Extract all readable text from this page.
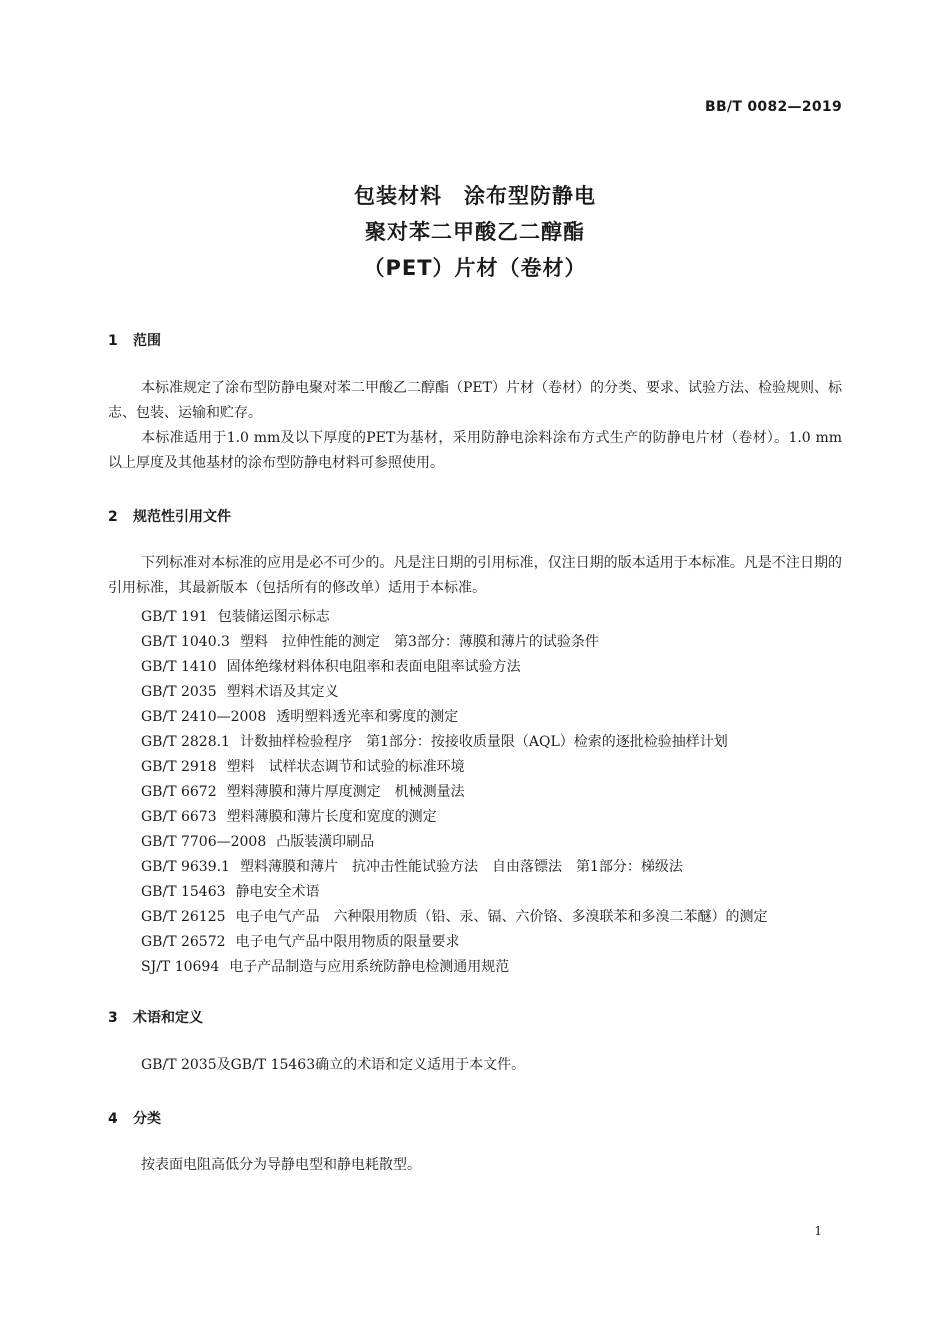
BB/T 0082—2019
包装材料　涂布型防静电
聚对苯二甲酸乙二醇酯
（PET）片材（卷材）
1 范围
本标准规定了涂布型防静电聚对苯二甲酸乙二醇酯（PET）片材（卷材）的分类、要求、试验方法、检验规则、标志、包装、运输和贮存。
本标准适用于1.0 mm及以下厚度的PET为基材，采用防静电涂料涂布方式生产的防静电片材（卷材）。1.0 mm以上厚度及其他基材的涂布型防静电材料可参照使用。
2 规范性引用文件
下列标准对本标准的应用是必不可少的。凡是注日期的引用标准，仅注日期的版本适用于本标准。凡是不注日期的引用标准，其最新版本（包括所有的修改单）适用于本标准。
GB/T 191 包装储运图示标志
GB/T 1040.3 塑料　拉伸性能的测定　第3部分：薄膜和薄片的试验条件
GB/T 1410 固体绝缘材料体积电阻率和表面电阻率试验方法
GB/T 2035 塑料术语及其定义
GB/T 2410—2008 透明塑料透光率和雾度的测定
GB/T 2828.1 计数抽样检验程序　第1部分：按接收质量限（AQL）检索的逐批检验抽样计划
GB/T 2918 塑料　试样状态调节和试验的标准环境
GB/T 6672 塑料薄膜和薄片厚度测定　机械测量法
GB/T 6673 塑料薄膜和薄片长度和宽度的测定
GB/T 7706—2008 凸版装潢印刷品
GB/T 9639.1 塑料薄膜和薄片　抗冲击性能试验方法　自由落镖法　第1部分：梯级法
GB/T 15463 静电安全术语
GB/T 26125 电子电气产品　六种限用物质（铅、汞、镉、六价铬、多溴联苯和多溴二苯醚）的测定
GB/T 26572 电子电气产品中限用物质的限量要求
SJ/T 10694 电子产品制造与应用系统防静电检测通用规范
3 术语和定义
GB/T 2035及GB/T 15463确立的术语和定义适用于本文件。
4 分类
按表面电阻高低分为导静电型和静电耗散型。
1
